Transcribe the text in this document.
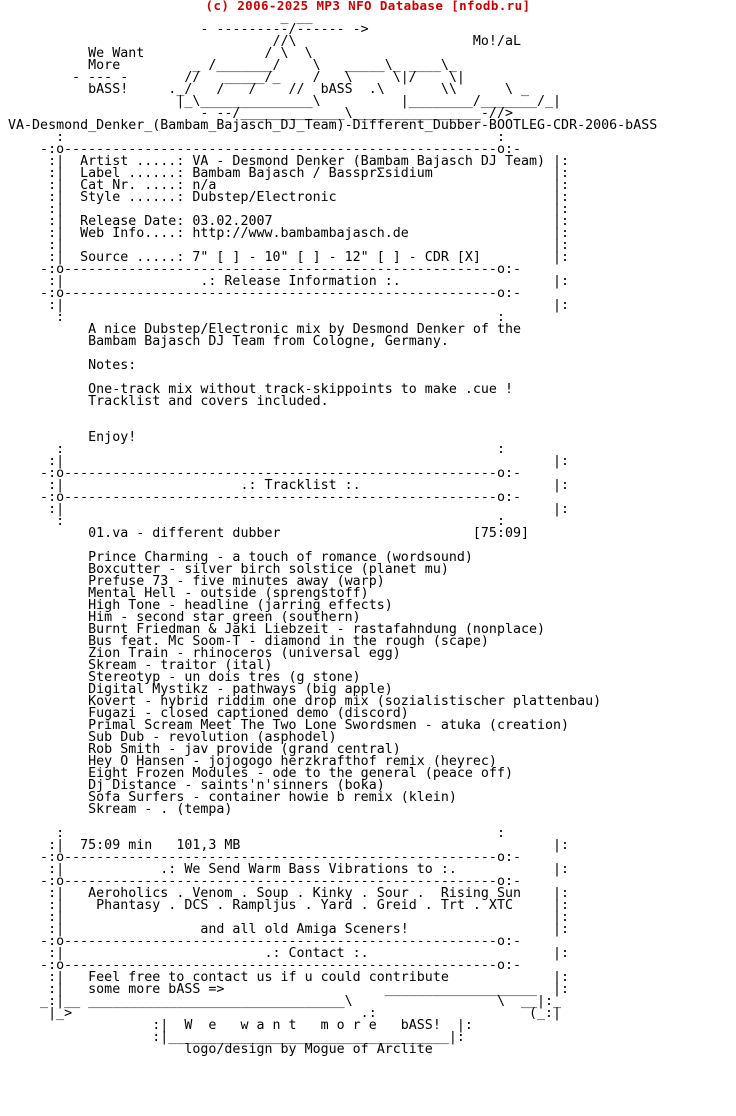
(c) 2006-2025 MP3 NFO Database [nfodb.ru]
_ __
- ---------/------ ->
//\                      Mo!/aL
We Want               / \  \
More         _ /_______/    \   _____\_ ____\_
- --- -       //   _____/_    /   \     \|/    \|
bASS!     ._/   /   /    //  bASS  .\       \\      \ _
|_\______________\          |________/_______/_|
- --/_____________\________________-//>
VA-Desmond_Denker_(Bambam_Bajasch_DJ_Team)-Different_Dubber-BOOTLEG-CDR-2006-bASS
:                                                      :
-:o------------------------------------------------------o:-
:|  Artist .....: VA - Desmond Denker (Bambam Bajasch DJ Team) |:
:|  Label ......: Bambam Bajasch / BassprΣsidium               |:
:|  Cat Nr. ....: n/a                                          |:
:|  Style ......: Dubstep/Electronic                           |:
:|                                                             |:
:|  Release Date: 03.02.2007                                   |:
:|  Web Info....: http://www.bambambajasch.de                  |:
:|                                                             |:
:|  Source .....: 7" [ ] - 10" [ ] - 12" [ ] - CDR [X]         |:
-:o------------------------------------------------------o:-
:|                 .: Release Information :.                   |:
-:o------------------------------------------------------o:-
:|                                                             |:
:                                                      :
A nice Dubstep/Electronic mix by Desmond Denker of the
Bambam Bajasch DJ Team from Cologne, Germany.

Notes:

One-track mix without track-skippoints to make .cue !
Tracklist and covers included.

Enjoy!
:                                                      :
:|                                                             |:
-:o------------------------------------------------------o:-
:|                      .: Tracklist :.                        |:
-:o------------------------------------------------------o:-
:|                                                             |:
:                                                      :
01.va - different dubber                        [75:09]

Prince Charming - a touch of romance (wordsound)
Boxcutter - silver birch solstice (planet mu)
Prefuse 73 - five minutes away (warp)
Mental Hell - outside (sprengstoff)
High Tone - headline (jarring effects)
Him - second star green (southern)
Burnt Friedman & Jaki Liebzeit - rastafahndung (nonplace)
Bus feat. Mc Soom-T - diamond in the rough (scape)
Zion Train - rhinoceros (universal egg)
Skream - traitor (ital)
Stereotyp - un dois tres (g stone)
Digital Mystikz - pathways (big apple)
Kovert - hybrid riddim one drop mix (sozialistischer plattenbau)
Fugazi - closed captioned demo (discord)
Primal Scream Meet The Two Lone Swordsmen - atuka (creation)
Sub Dub - revolution (asphodel)
Rob Smith - jav provide (grand central)
Hey O Hansen - jojogogo herzkrafthof remix (heyrec)
Eight Frozen Modules - ode to the general (peace off)
Dj Distance - saints'n'sinners (boka)
Sofa Surfers - container howie b remix (klein)
Skream - . (tempa)

:                                                      :
:|  75:09 min   101,3 MB                                       |:
-:o------------------------------------------------------o:-
:|            .: We Send Warm Bass Vibrations to :.            |:
-:o------------------------------------------------------o:-
:|   Aeroholics . Venom . Soup . Kinky . Sour .  Rising Sun    |:
:|    Phantasy . DCS . Rampljus . Yard . Greid . Trt . XTC     |:
:|                                                             |:
:|                 and all old Amiga Sceners!                  |:
-:o------------------------------------------------------o:-
:|                         .: Contact :.                       |:
-:o------------------------------------------------------o:-
:|   Feel free to contact us if u could contribute             |:
:|   some more bASS =>                    ___________________  |:
_:|__ ________________________________\                  \  __|:_
|_>                                    .:                   (_:|
:|  W  e   w a n t   m o r e   bASS!  |:
:|___________________________________|:
logo/design by Mogue of Arclite
